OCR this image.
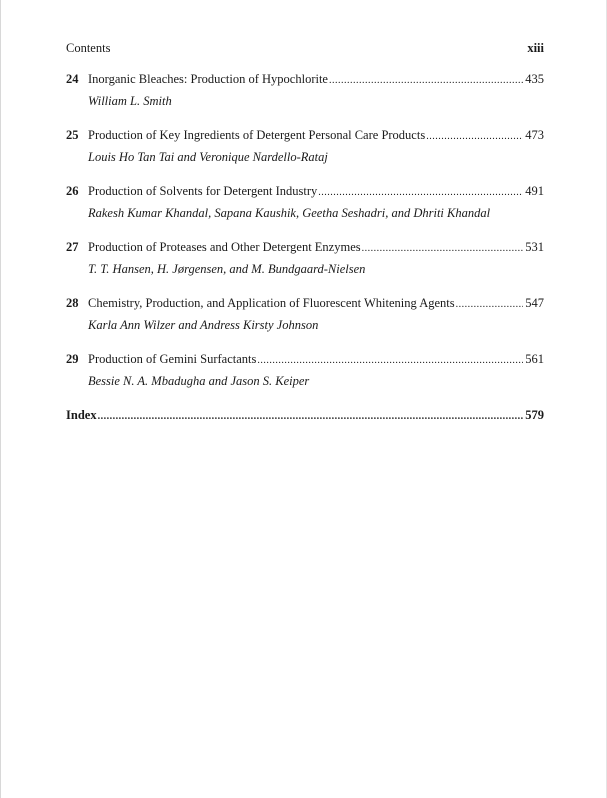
Contents	xiii
24 Inorganic Bleaches: Production of Hypochlorite .....	435
William L. Smith
25 Production of Key Ingredients of Detergent Personal Care Products .....	473
Louis Ho Tan Tai and Veronique Nardello-Rataj
26 Production of Solvents for Detergent Industry .....	491
Rakesh Kumar Khandal, Sapana Kaushik, Geetha Seshadri, and Dhriti Khandal
27 Production of Proteases and Other Detergent Enzymes .....	531
T. T. Hansen, H. Jørgensen, and M. Bundgaard-Nielsen
28 Chemistry, Production, and Application of Fluorescent Whitening Agents .....	547
Karla Ann Wilzer and Andress Kirsty Johnson
29 Production of Gemini Surfactants .....	561
Bessie N. A. Mbadugha and Jason S. Keiper
Index .....	579
